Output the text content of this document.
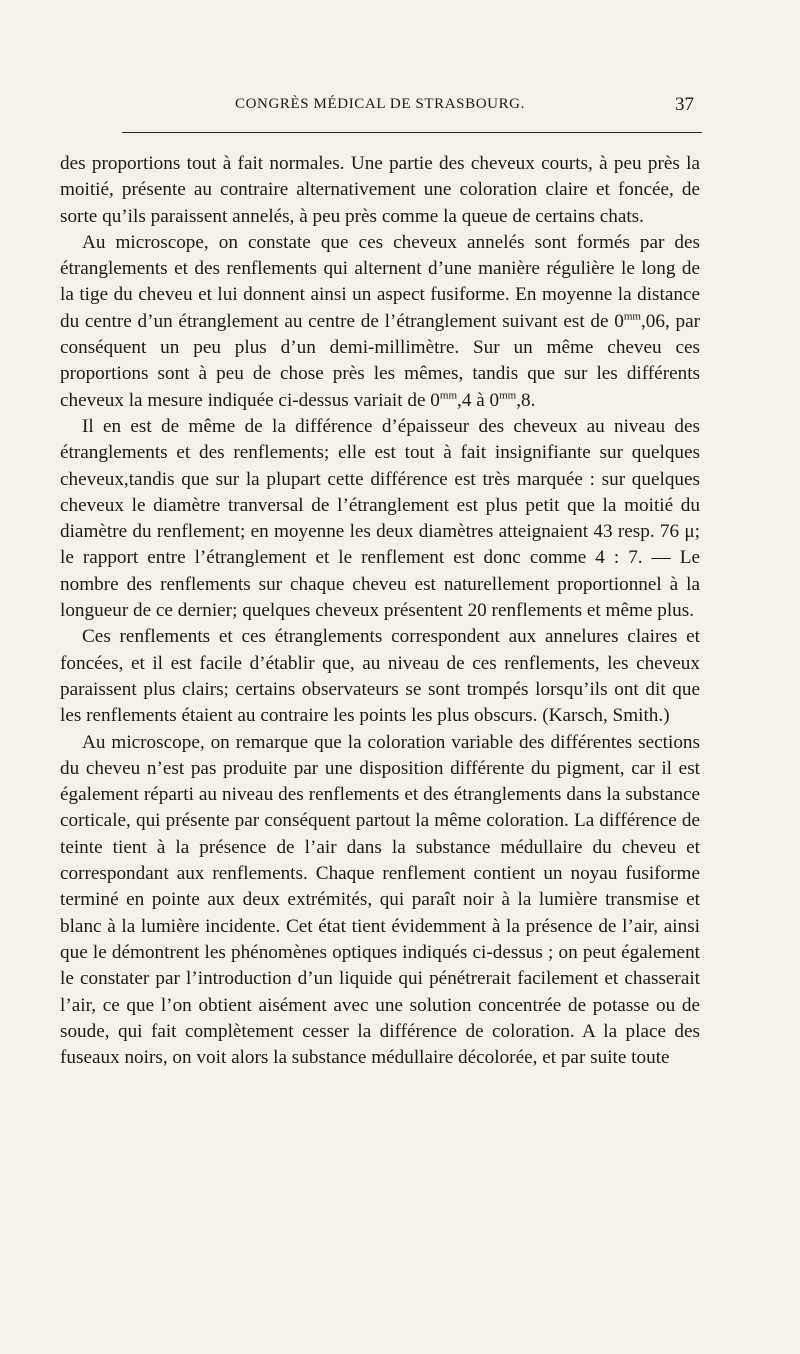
CONGRÈS MÉDICAL DE STRASBOURG.	37

des proportions tout à fait normales. Une partie des cheveux courts, à peu près la moitié, présente au contraire alternativement une coloration claire et foncée, de sorte qu’ils paraissent annelés, à peu près comme la queue de certains chats.

Au microscope, on constate que ces cheveux annelés sont formés par des étranglements et des renflements qui alternent d’une manière régulière le long de la tige du cheveu et lui donnent ainsi un aspect fusiforme. En moyenne la distance du centre d’un étranglement au centre de l’étranglement suivant est de $0^{mm},06$, par conséquent un peu plus d’un demi-millimètre. Sur un même cheveu ces proportions sont à peu de chose près les mêmes, tandis que sur les différents cheveux la mesure indiquée ci-dessus variait de $0^{mm},4$ à $0^{mm},8$.

Il en est de même de la différence d’épaisseur des cheveux au niveau des étranglements et des renflements; elle est tout à fait insignifiante sur quelques cheveux,tandis que sur la plupart cette différence est très marquée : sur quelques cheveux le diamètre tranversal de l’étranglement est plus petit que la moitié du diamètre du renflement; en moyenne les deux diamètres atteignaient 43 resp. 76 μ; le rapport entre l’étranglement et le renflement est donc comme 4 : 7. — Le nombre des renflements sur chaque cheveu est naturellement proportionnel à la longueur de ce dernier; quelques cheveux présentent 20 renflements et même plus.

Ces renflements et ces étranglements correspondent aux annelures claires et foncées, et il est facile d’établir que, au niveau de ces renflements, les cheveux paraissent plus clairs; certains observateurs se sont trompés lorsqu’ils ont dit que les renflements étaient au contraire les points les plus obscurs. (Karsch, Smith.)

Au microscope, on remarque que la coloration variable des différentes sections du cheveu n’est pas produite par une disposition différente du pigment, car il est également réparti au niveau des renflements et des étranglements dans la substance corticale, qui présente par conséquent partout la même coloration. La différence de teinte tient à la présence de l’air dans la substance médullaire du cheveu et correspondant aux renflements. Chaque renflement contient un noyau fusiforme terminé en pointe aux deux extrémités, qui paraît noir à la lumière transmise et blanc à la lumière incidente. Cet état tient évidemment à la présence de l’air, ainsi que le démontrent les phénomènes optiques indiqués ci-dessus ; on peut également le constater par l’introduction d’un liquide qui pénétrerait facilement et chasserait l’air, ce que l’on obtient aisément avec une solution concentrée de potasse ou de soude, qui fait complètement cesser la différence de coloration. A la place des fuseaux noirs, on voit alors la substance médullaire décolorée, et par suite toute
